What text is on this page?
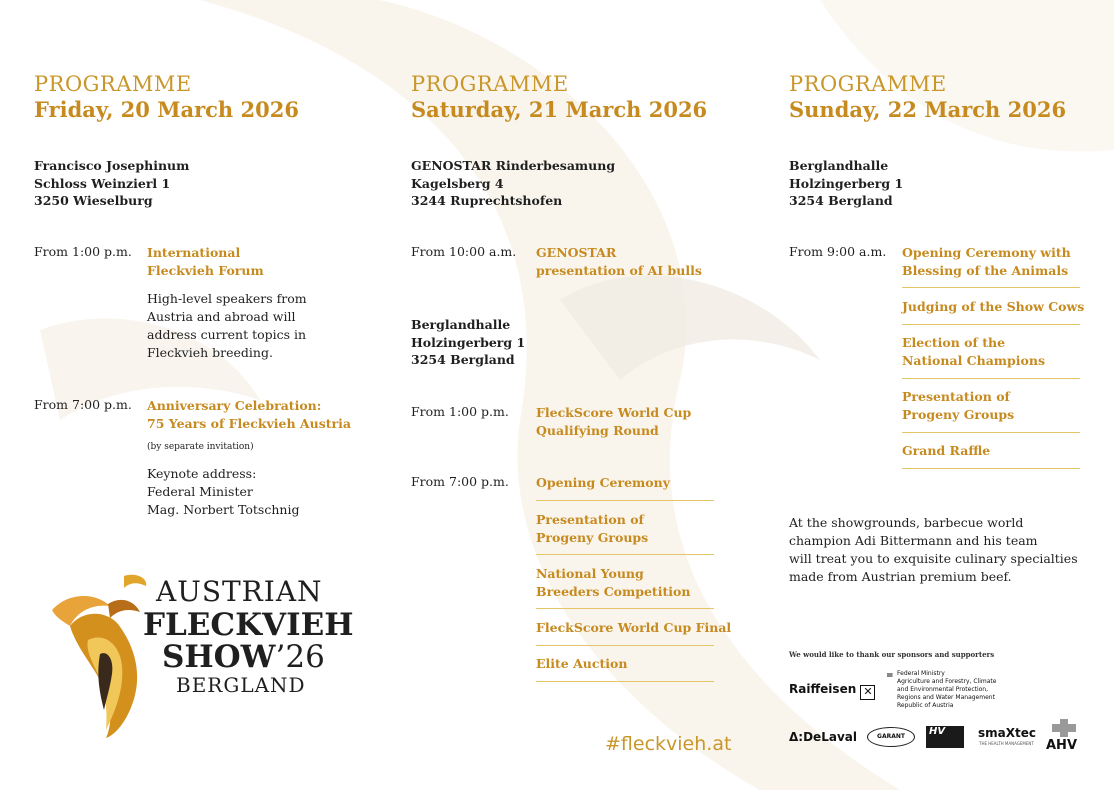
PROGRAMME
Friday, 20 March 2026
Francisco Josephinum
Schloss Weinzierl 1
3250 Wieselburg
From 1:00 p.m. International
Fleckvieh Forum
High-level speakers from
Austria and abroad will
address current topics in
Fleckvieh breeding.
From 7:00 p.m. Anniversary Celebration:
75 Years of Fleckvieh Austria
(by separate invitation)
Keynote address:
Federal Minister
Mag. Norbert Totschnig
AUSTRIAN
FLECKVIEH
SHOW’26
BERGLAND
PROGRAMME
Saturday, 21 March 2026
GENOSTAR Rinderbesamung
Kagelsberg 4
3244 Ruprechtshofen
From 10:00 a.m. GENOSTAR
presentation of AI bulls
Berglandhalle
Holzingerberg 1
3254 Bergland
From 1:00 p.m. FleckScore World Cup
Qualifying Round
From 7:00 p.m. Opening Ceremony
Presentation of
Progeny Groups
National Young
Breeders Competition
FleckScore World Cup Final
Elite Auction
#fleckvieh.at
PROGRAMME
Sunday, 22 March 2026
Berglandhalle
Holzingerberg 1
3254 Bergland
From 9:00 a.m. Opening Ceremony with
Blessing of the Animals
Judging of the Show Cows
Election of the
National Champions
Presentation of
Progeny Groups
Grand Raffle
At the showgrounds, barbecue world
champion Adi Bittermann and his team
will treat you to exquisite culinary specialties
made from Austrian premium beef.
We would like to thank our sponsors and supporters
Raiffeisen ✕
= Federal Ministry
Agriculture and Forestry, Climate
and Environmental Protection,
Regions and Water Management
Republic of Austria
ᐃ:DeLaval	GARANT	HV	smaXtec
THE HEALTH MANAGEMENT AHV
